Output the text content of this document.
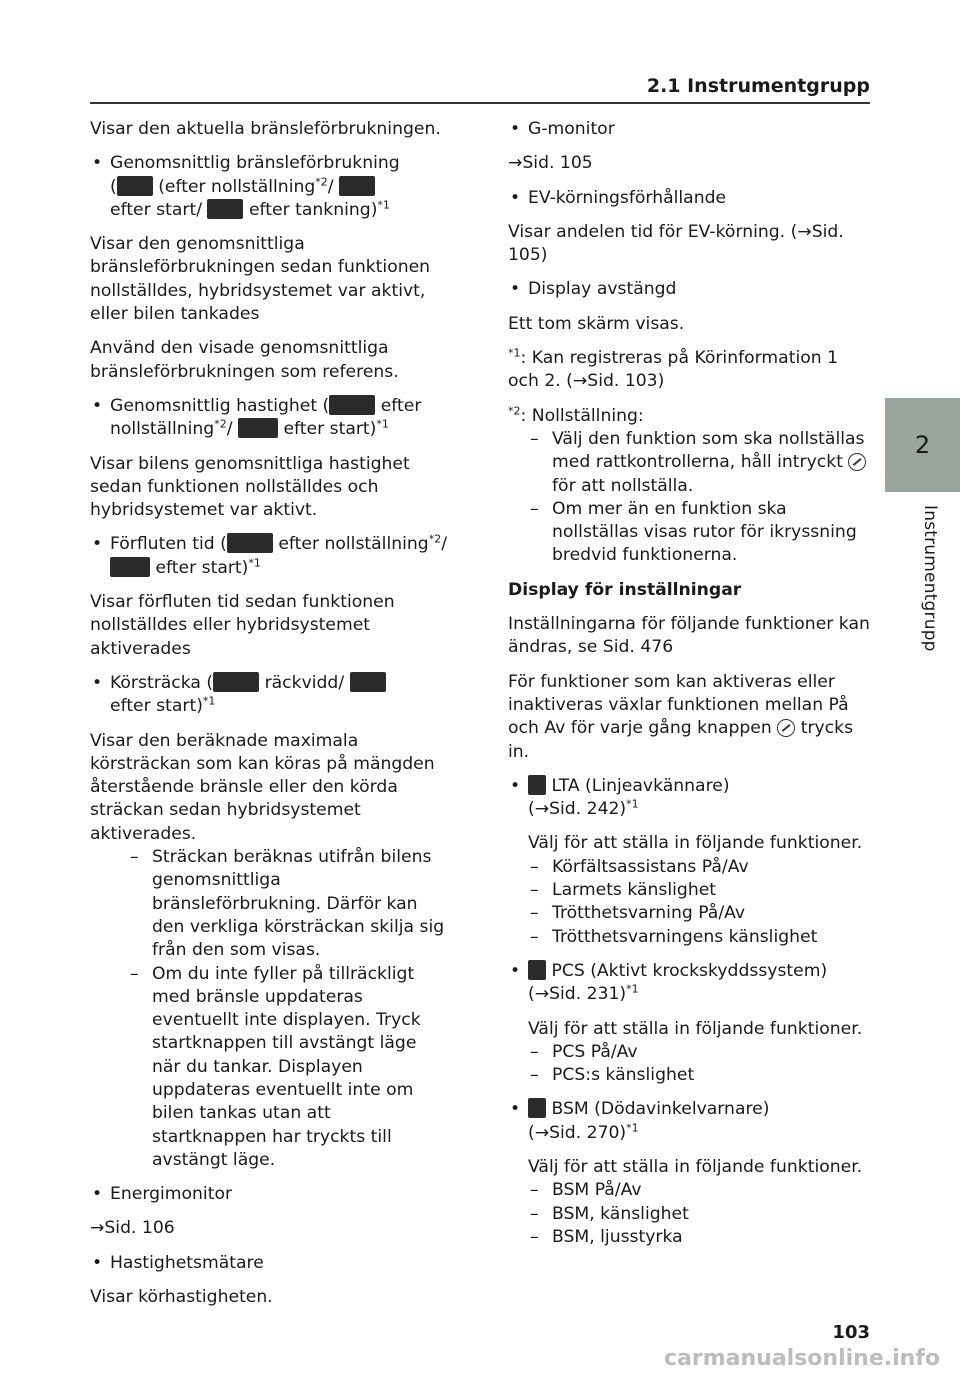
2.1 Instrumentgrupp
2
Instrumentgrupp

Visar den aktuella bränsleförbrukningen.

• Genomsnittlig bränsleförbrukning
( (efter nollställning$^{*2}$/
efter start/	efter tankning)$^{*1}$

Visar den genomsnittliga bränsleförbrukningen sedan funktionen nollställdes, hybridsystemet var aktivt, eller bilen tankades

Använd den visade genomsnittliga bränsleförbrukningen som referens.

• Genomsnittlig hastighet (	efter nollställning$^{*2}$/	efter start)$^{*1}$

Visar bilens genomsnittliga hastighet sedan funktionen nollställdes och hybridsystemet var aktivt.

• Förfluten tid (	efter nollställning$^{*2}$/  efter start)$^{*1}$

Visar förfluten tid sedan funktionen nollställdes eller hybridsystemet aktiverades

• Körsträcka (	räckvidd/
efter start)$^{*1}$

Visar den beräknade maximala körsträckan som kan köras på mängden återstående bränsle eller den körda sträckan sedan hybridsystemet aktiverades.

– Sträckan beräknas utifrån bilens genomsnittliga bränsleförbrukning. Därför kan den verkliga körsträckan skilja sig från den som visas.
– Om du inte fyller på tillräckligt med bränsle uppdateras eventuellt inte displayen. Tryck startknappen till avstängt läge när du tankar. Displayen uppdateras eventuellt inte om bilen tankas utan att startknappen har tryckts till avstängt läge.
• Energimonitor

→Sid. 106

• Hastighetsmätare

Visar körhastigheten.

• G-monitor

→Sid. 105

• EV-körningsförhållande

Visar andelen tid för EV-körning. (→Sid. 105)

• Display avstängd

Ett tom skärm visas.

$^{*1}$: Kan registreras på Körinformation 1 och 2. (→Sid. 103)

$^{*2}$: Nollställning:

– Välj den funktion som ska nollställas med rattkontrollerna, håll intryckt  för att nollställa.
– Om mer än en funktion ska nollställas visas rutor för ikryssning bredvid funktionerna.

Display för inställningar

Inställningarna för följande funktioner kan ändras, se Sid. 476

För funktioner som kan aktiveras eller inaktiveras växlar funktionen mellan På och Av för varje gång knappen trycks in.

• LTA (Linjeavkännare)
(→Sid. 242)$^{*1}$

Välj för att ställa in följande funktioner.

– Körfältsassistans På/Av
– Larmets känslighet
– Trötthetsvarning På/Av
– Trötthetsvarningens känslighet
• PCS (Aktivt krockskyddssystem)
(→Sid. 231)$^{*1}$

Välj för att ställa in följande funktioner.

– PCS På/Av
– PCS:s känslighet
• BSM (Dödavinkelvarnare)
(→Sid. 270)$^{*1}$

Välj för att ställa in följande funktioner.

– BSM På/Av
– BSM, känslighet
– BSM, ljusstyrka
103
carmanualsonline.info
